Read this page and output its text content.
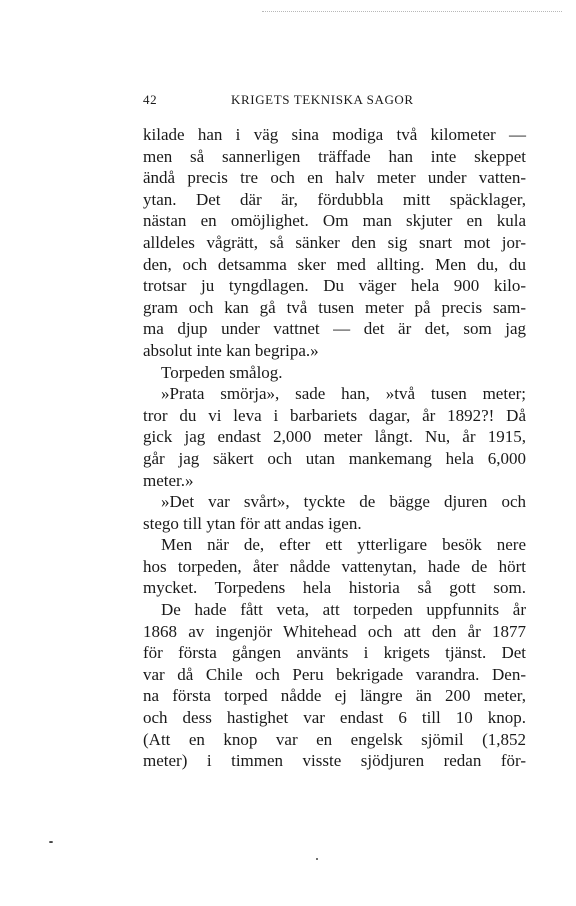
42	KRIGETS TEKNISKA SAGOR
kilade han i väg sina modiga två kilometer —
men så sannerligen träffade han inte skeppet
ändå precis tre och en halv meter under vatten-
ytan. Det där är, fördubbla mitt späcklager,
nästan en omöjlighet. Om man skjuter en kula
alldeles vågrätt, så sänker den sig snart mot jor-
den, och detsamma sker med allting. Men du, du
trotsar ju tyngdlagen. Du väger hela 900 kilo-
gram och kan gå två tusen meter på precis sam-
ma djup under vattnet — det är det, som jag
absolut inte kan begripa.»
Torpeden smålog.
»Prata smörja», sade han, »två tusen meter;
tror du vi leva i barbariets dagar, år 1892?! Då
gick jag endast 2,000 meter långt. Nu, år 1915,
går jag säkert och utan mankemang hela 6,000
meter.»
»Det var svårt», tyckte de bägge djuren och
stego till ytan för att andas igen.
Men när de, efter ett ytterligare besök nere
hos torpeden, åter nådde vattenytan, hade de hört
mycket. Torpedens hela historia så gott som.
De hade fått veta, att torpeden uppfunnits år
1868 av ingenjör Whitehead och att den år 1877
för första gången använts i krigets tjänst. Det
var då Chile och Peru bekrigade varandra. Den-
na första torped nådde ej längre än 200 meter,
och dess hastighet var endast 6 till 10 knop.
(Att en knop var en engelsk sjömil (1,852
meter) i timmen visste sjödjuren redan för-
